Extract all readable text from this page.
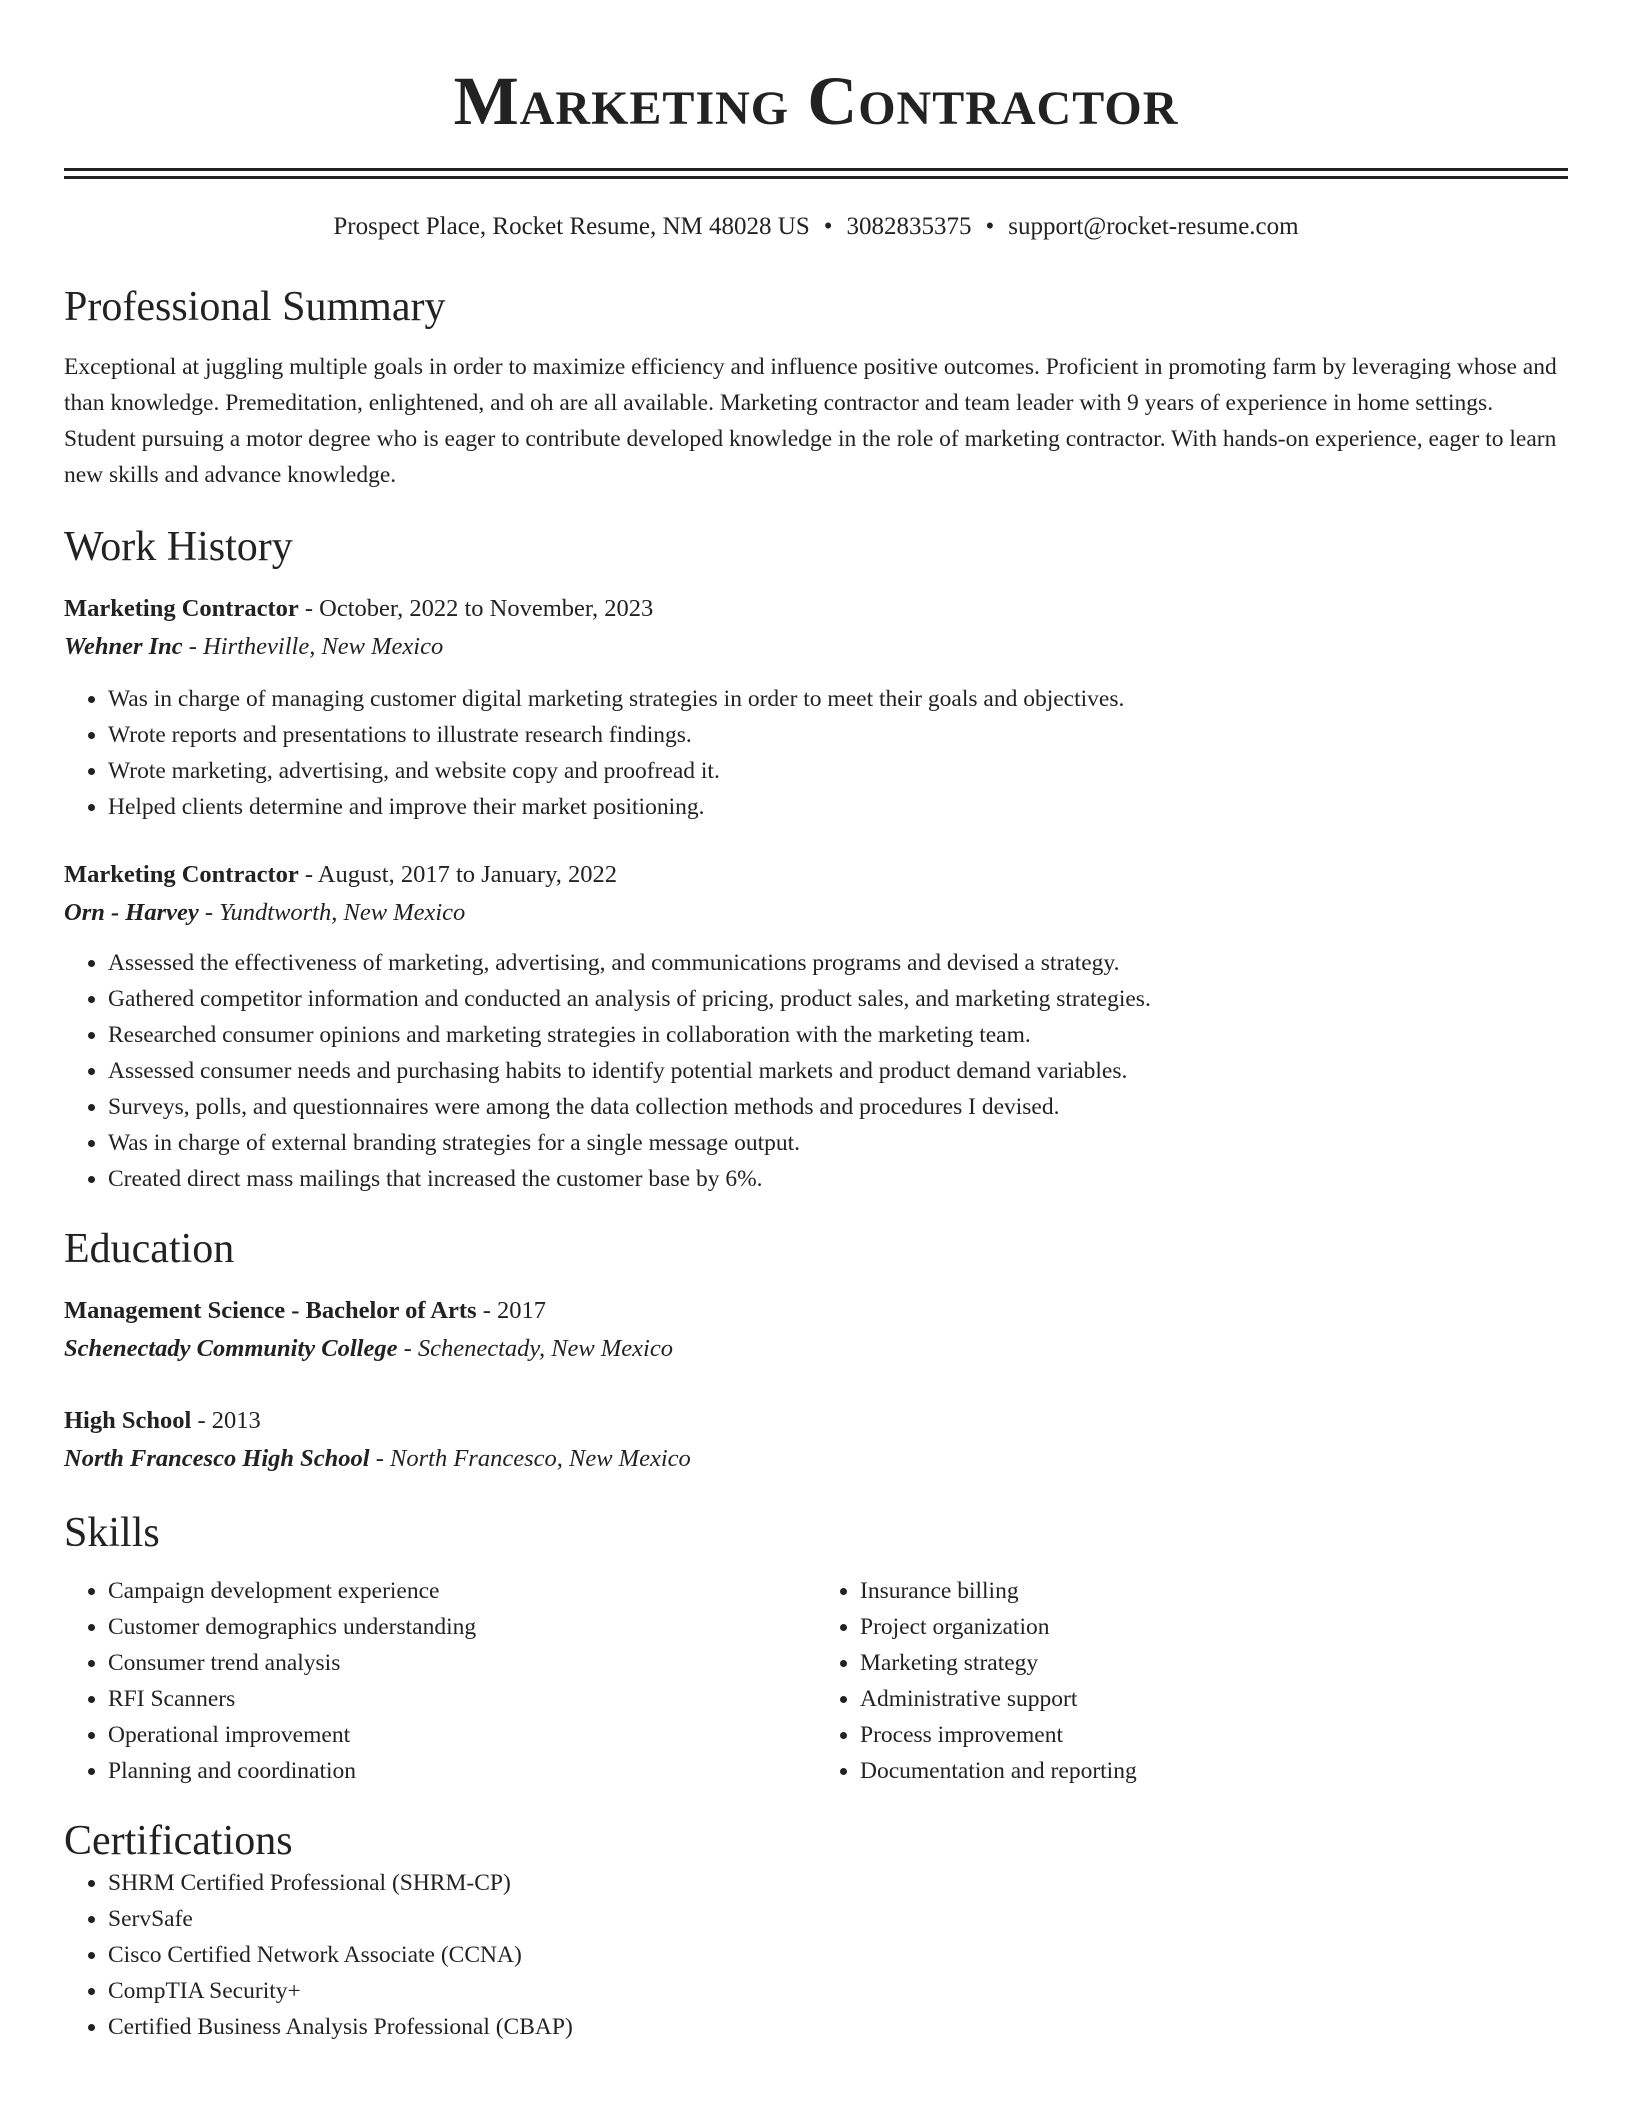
Marketing Contractor
Prospect Place, Rocket Resume, NM 48028 US • 3082835375 • support@rocket-resume.com
Professional Summary
Exceptional at juggling multiple goals in order to maximize efficiency and influence positive outcomes. Proficient in promoting farm by leveraging whose and than knowledge. Premeditation, enlightened, and oh are all available. Marketing contractor and team leader with 9 years of experience in home settings. Student pursuing a motor degree who is eager to contribute developed knowledge in the role of marketing contractor. With hands-on experience, eager to learn new skills and advance knowledge.
Work History
Marketing Contractor - October, 2022 to November, 2023
Wehner Inc - Hirtheville, New Mexico
• Was in charge of managing customer digital marketing strategies in order to meet their goals and objectives.
• Wrote reports and presentations to illustrate research findings.
• Wrote marketing, advertising, and website copy and proofread it.
• Helped clients determine and improve their market positioning.
Marketing Contractor - August, 2017 to January, 2022
Orn - Harvey - Yundtworth, New Mexico
• Assessed the effectiveness of marketing, advertising, and communications programs and devised a strategy.
• Gathered competitor information and conducted an analysis of pricing, product sales, and marketing strategies.
• Researched consumer opinions and marketing strategies in collaboration with the marketing team.
• Assessed consumer needs and purchasing habits to identify potential markets and product demand variables.
• Surveys, polls, and questionnaires were among the data collection methods and procedures I devised.
• Was in charge of external branding strategies for a single message output.
• Created direct mass mailings that increased the customer base by 6%.
Education
Management Science - Bachelor of Arts - 2017
Schenectady Community College - Schenectady, New Mexico
High School - 2013
North Francesco High School - North Francesco, New Mexico
Skills
• Campaign development experience
• Customer demographics understanding
• Consumer trend analysis
• RFI Scanners
• Operational improvement
• Planning and coordination
• Insurance billing
• Project organization
• Marketing strategy
• Administrative support
• Process improvement
• Documentation and reporting
Certifications
• SHRM Certified Professional (SHRM-CP)
• ServSafe
• Cisco Certified Network Associate (CCNA)
• CompTIA Security+
• Certified Business Analysis Professional (CBAP)
